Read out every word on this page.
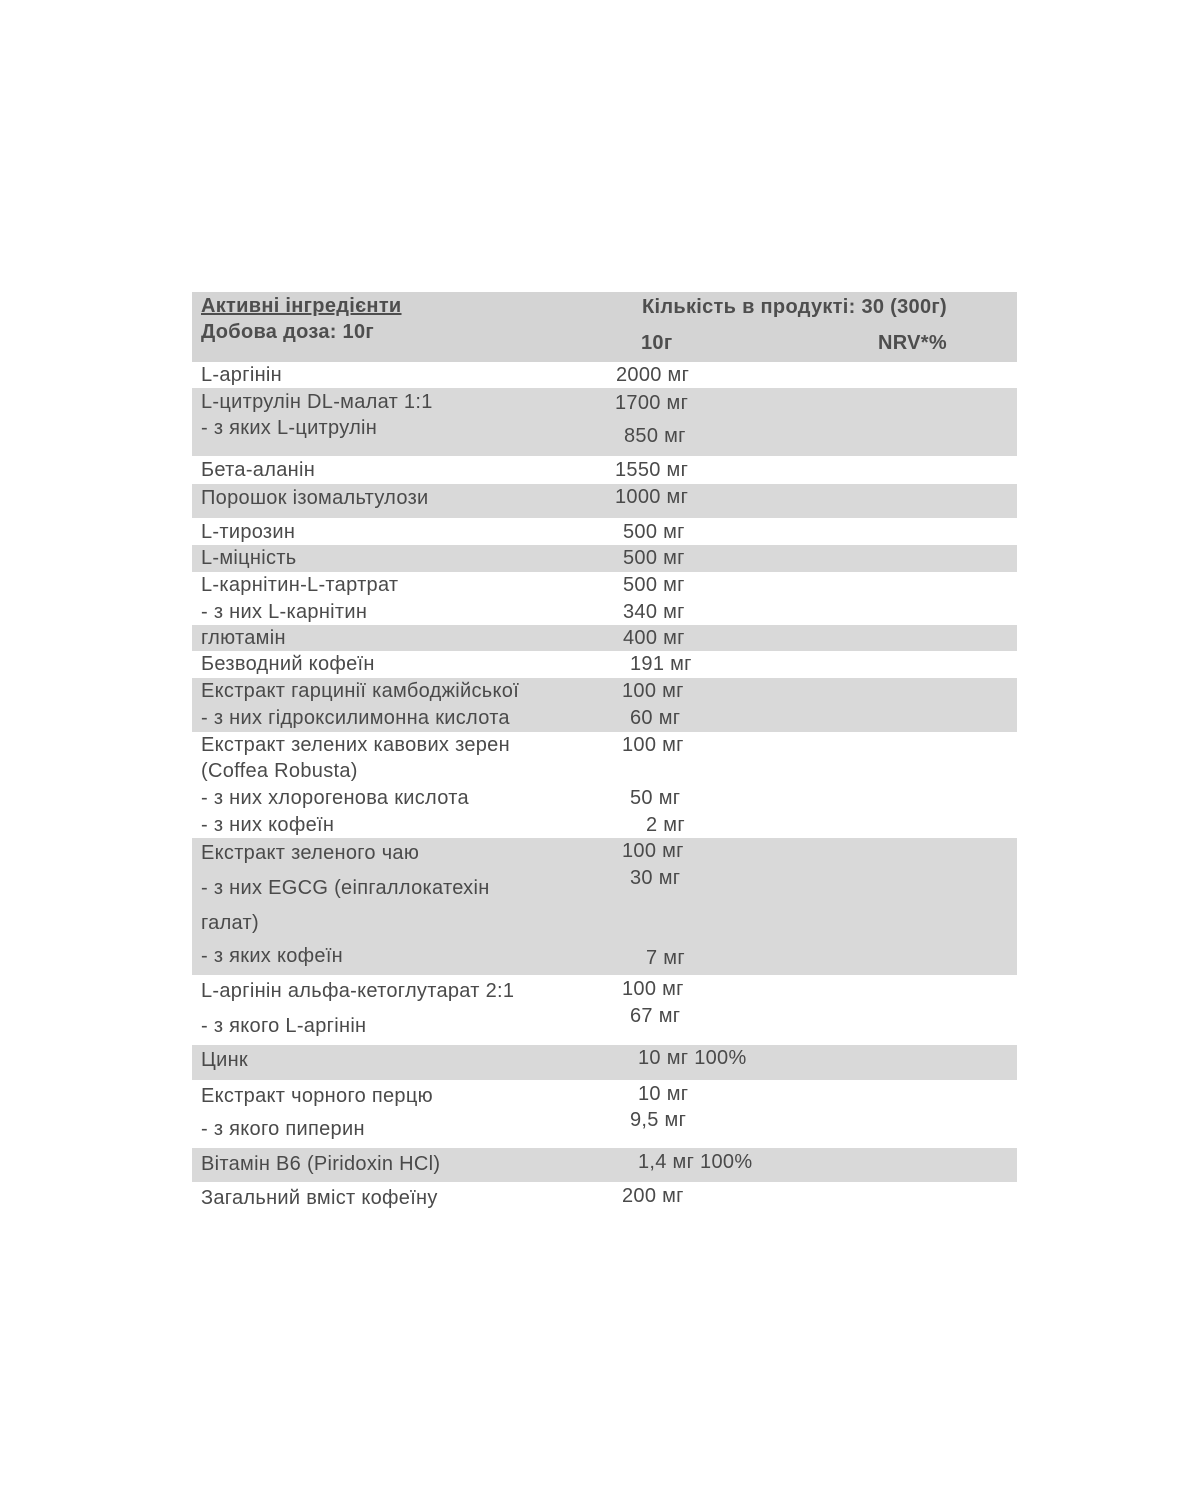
Активні інгредієнти
Добова доза: 10г
Кількість в продукті: 30 (300г)
10г	NRV*%
L-аргінін	2000 мг
L-цитрулін DL-малат 1:1	1700 мг
- з яких L-цитрулін	850 мг
Бета-аланін	1550 мг
Порошок ізомальтулози	1000 мг
L-тирозин	500 мг
L-міцність	500 мг
L-карнітин-L-тартрат	500 мг
- з них L-карнітин	340 мг
глютамін	400 мг
Безводний кофеїн	191 мг
Екстракт гарцинії камбоджійської	100 мг
- з них гідроксилимонна кислота	60 мг
Екстракт зелених кавових зерен	100 мг
(Coffea Robusta)
- з них хлорогенова кислота	50 мг
- з них кофеїн	2 мг
Екстракт зеленого чаю	100 мг
- з них EGCG (еіпгаллокатехін	30 мг
галат)
- з яких кофеїн	7 мг
L-аргінін альфа-кетоглутарат 2:1	100 мг
- з якого L-аргінін	67 мг
Цинк	10 мг 100%
Екстракт чорного перцю	10 мг
- з якого пиперин	9,5 мг
Вітамін B6 (Piridoxin HCl)	1,4 мг 100%
Загальний вміст кофеїну	200 мг
